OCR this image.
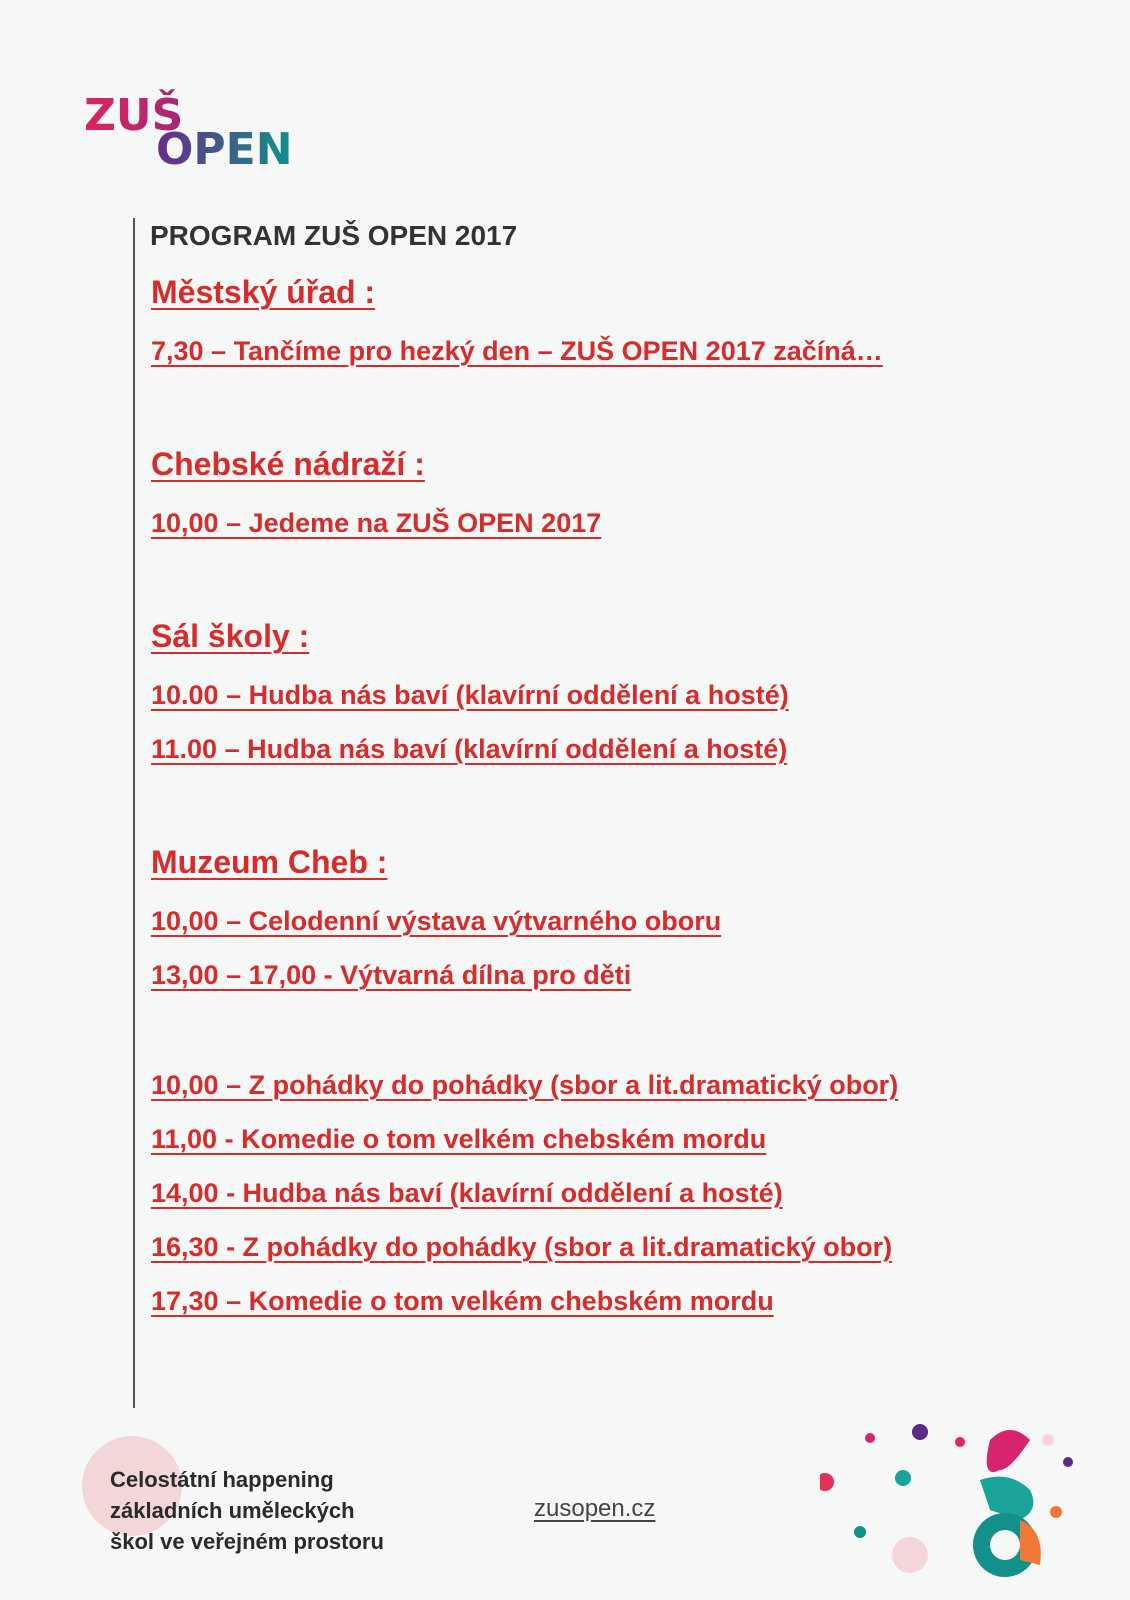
ZUŠ
OPEN
PROGRAM ZUŠ OPEN 2017
Městský úřad :
7,30 – Tančíme pro hezký den – ZUŠ OPEN 2017 začíná…
Chebské nádraží :
10,00 – Jedeme na ZUŠ OPEN 2017
Sál školy :
10.00 – Hudba nás baví (klavírní oddělení a hosté)
11.00 – Hudba nás baví (klavírní oddělení a hosté)
Muzeum Cheb :
10,00 – Celodenní výstava výtvarného oboru
13,00 – 17,00 - Výtvarná dílna pro děti
10,00 – Z pohádky do pohádky (sbor a lit.dramatický obor)
11,00 - Komedie o tom velkém chebském mordu
14,00 - Hudba nás baví (klavírní oddělení a hosté)
16,30 - Z pohádky do pohádky (sbor a lit.dramatický obor)
17,30 – Komedie o tom velkém chebském mordu
Celostátní happening
základních uměleckých
škol ve veřejném prostoru
zusopen.cz
